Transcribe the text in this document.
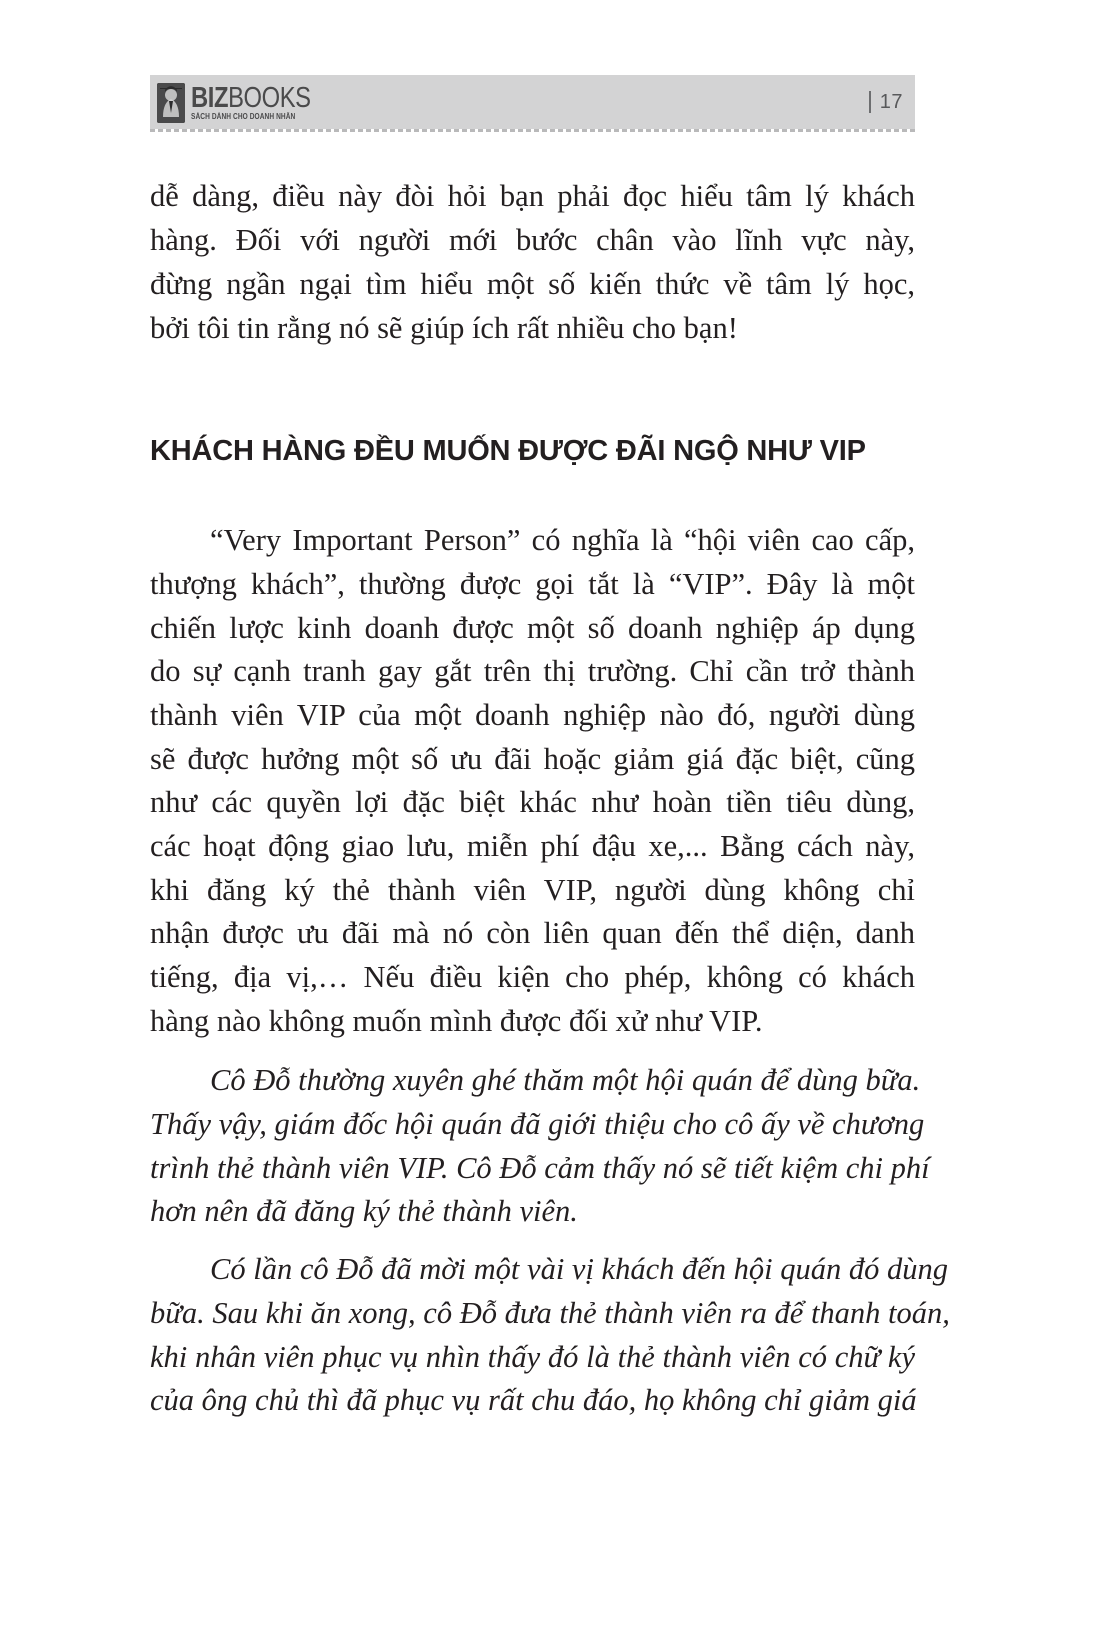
BIZBOOKS
SÁCH DÀNH CHO DOANH NHÂN
17
dễ dàng, điều này đòi hỏi bạn phải đọc hiểu tâm lý khách
hàng. Đối với người mới bước chân vào lĩnh vực này,
đừng ngần ngại tìm hiểu một số kiến thức về tâm lý học,
bởi tôi tin rằng nó sẽ giúp ích rất nhiều cho bạn!
KHÁCH HÀNG ĐỀU MUỐN ĐƯỢC ĐÃI NGỘ NHƯ VIP
“Very Important Person” có nghĩa là “hội viên cao cấp,
thượng khách”, thường được gọi tắt là “VIP”. Đây là một
chiến lược kinh doanh được một số doanh nghiệp áp dụng
do sự cạnh tranh gay gắt trên thị trường. Chỉ cần trở thành
thành viên VIP của một doanh nghiệp nào đó, người dùng
sẽ được hưởng một số ưu đãi hoặc giảm giá đặc biệt, cũng
như các quyền lợi đặc biệt khác như hoàn tiền tiêu dùng,
các hoạt động giao lưu, miễn phí đậu xe,... Bằng cách này,
khi đăng ký thẻ thành viên VIP, người dùng không chỉ
nhận được ưu đãi mà nó còn liên quan đến thể diện, danh
tiếng, địa vị,… Nếu điều kiện cho phép, không có khách
hàng nào không muốn mình được đối xử như VIP.
Cô Đỗ thường xuyên ghé thăm một hội quán để dùng bữa.
Thấy vậy, giám đốc hội quán đã giới thiệu cho cô ấy về chương
trình thẻ thành viên VIP. Cô Đỗ cảm thấy nó sẽ tiết kiệm chi phí
hơn nên đã đăng ký thẻ thành viên.
Có lần cô Đỗ đã mời một vài vị khách đến hội quán đó dùng
bữa. Sau khi ăn xong, cô Đỗ đưa thẻ thành viên ra để thanh toán,
khi nhân viên phục vụ nhìn thấy đó là thẻ thành viên có chữ ký
của ông chủ thì đã phục vụ rất chu đáo, họ không chỉ giảm giá
